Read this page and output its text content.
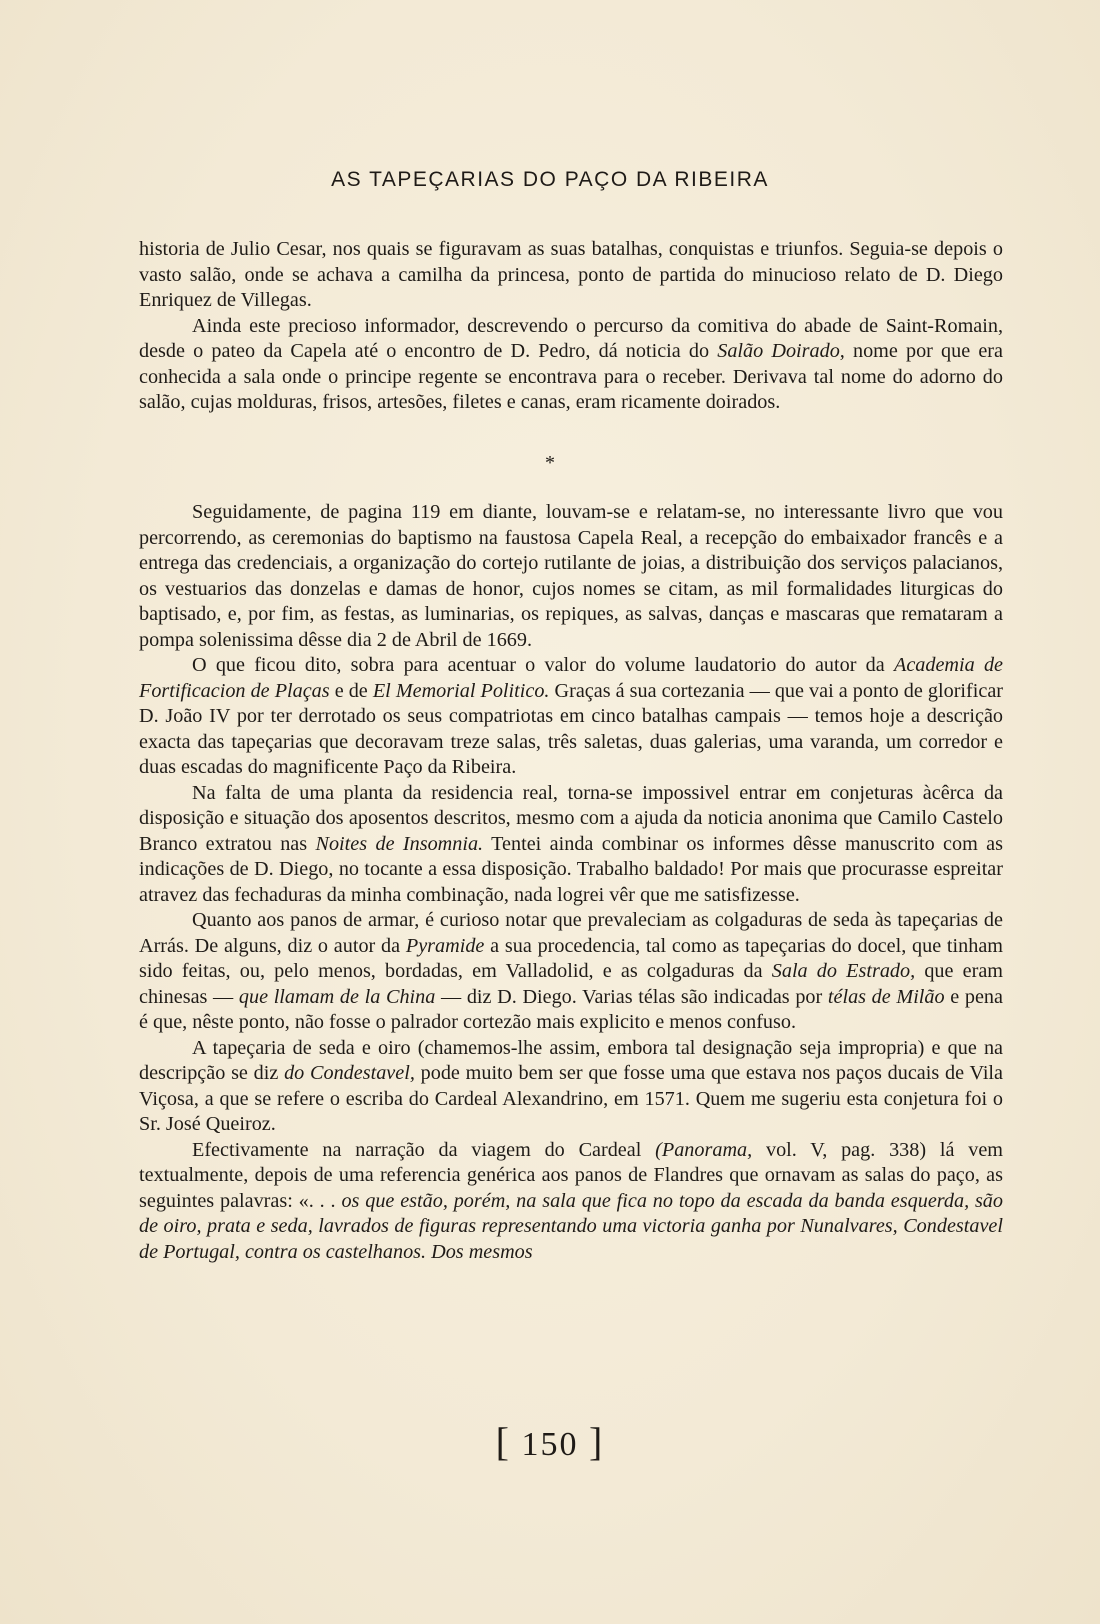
AS TAPEÇARIAS DO PAÇO DA RIBEIRA

historia de Julio Cesar, nos quais se figuravam as suas batalhas, conquistas e triunfos. Seguia-se depois o vasto salão, onde se achava a camilha da princesa, ponto de partida do minucioso relato de D. Diego Enriquez de Villegas.

Ainda este precioso informador, descrevendo o percurso da comitiva do abade de Saint-Romain, desde o pateo da Capela até o encontro de D. Pedro, dá noticia do Salão Doirado, nome por que era conhecida a sala onde o principe regente se encontrava para o receber. Derivava tal nome do adorno do salão, cujas molduras, frisos, artesões, filetes e canas, eram ricamente doirados.

*

Seguidamente, de pagina 119 em diante, louvam-se e relatam-se, no interessante livro que vou percorrendo, as ceremonias do baptismo na faustosa Capela Real, a recepção do embaixador francês e a entrega das credenciais, a organização do cortejo rutilante de joias, a distribuição dos serviços palacianos, os vestuarios das donzelas e damas de honor, cujos nomes se citam, as mil formalidades liturgicas do baptisado, e, por fim, as festas, as luminarias, os repiques, as salvas, danças e mascaras que remataram a pompa solenissima dêsse dia 2 de Abril de 1669.

O que ficou dito, sobra para acentuar o valor do volume laudatorio do autor da Academia de Fortificacion de Plaças e de El Memorial Politico. Graças á sua cortezania — que vai a ponto de glorificar D. João IV por ter derrotado os seus compatriotas em cinco batalhas campais — temos hoje a descrição exacta das tapeçarias que decoravam treze salas, três saletas, duas galerias, uma varanda, um corredor e duas escadas do magnificente Paço da Ribeira.

Na falta de uma planta da residencia real, torna-se impossivel entrar em conjeturas àcêrca da disposição e situação dos aposentos descritos, mesmo com a ajuda da noticia anonima que Camilo Castelo Branco extratou nas Noites de Insomnia. Tentei ainda combinar os informes dêsse manuscrito com as indicações de D. Diego, no tocante a essa disposição. Trabalho baldado! Por mais que procurasse espreitar atravez das fechaduras da minha combinação, nada logrei vêr que me satisfizesse.

Quanto aos panos de armar, é curioso notar que prevaleciam as colgaduras de seda às tapeçarias de Arrás. De alguns, diz o autor da Pyramide a sua procedencia, tal como as tapeçarias do docel, que tinham sido feitas, ou, pelo menos, bordadas, em Valladolid, e as colgaduras da Sala do Estrado, que eram chinesas — que llamam de la China — diz D. Diego. Varias télas são indicadas por télas de Milão e pena é que, nêste ponto, não fosse o palrador cortezão mais explicito e menos confuso.

A tapeçaria de seda e oiro (chamemos-lhe assim, embora tal designação seja impropria) e que na descripção se diz do Condestavel, pode muito bem ser que fosse uma que estava nos paços ducais de Vila Viçosa, a que se refere o escriba do Cardeal Alexandrino, em 1571. Quem me sugeriu esta conjetura foi o Sr. José Queiroz.

Efectivamente na narração da viagem do Cardeal (Panorama, vol. V, pag. 338) lá vem textualmente, depois de uma referencia genérica aos panos de Flandres que ornavam as salas do paço, as seguintes palavras: «. . . os que estão, porém, na sala que fica no topo da escada da banda esquerda, são de oiro, prata e seda, lavrados de figuras representando uma victoria ganha por Nunalvares, Condestavel de Portugal, contra os castelhanos. Dos mesmos

[ 150 ]
